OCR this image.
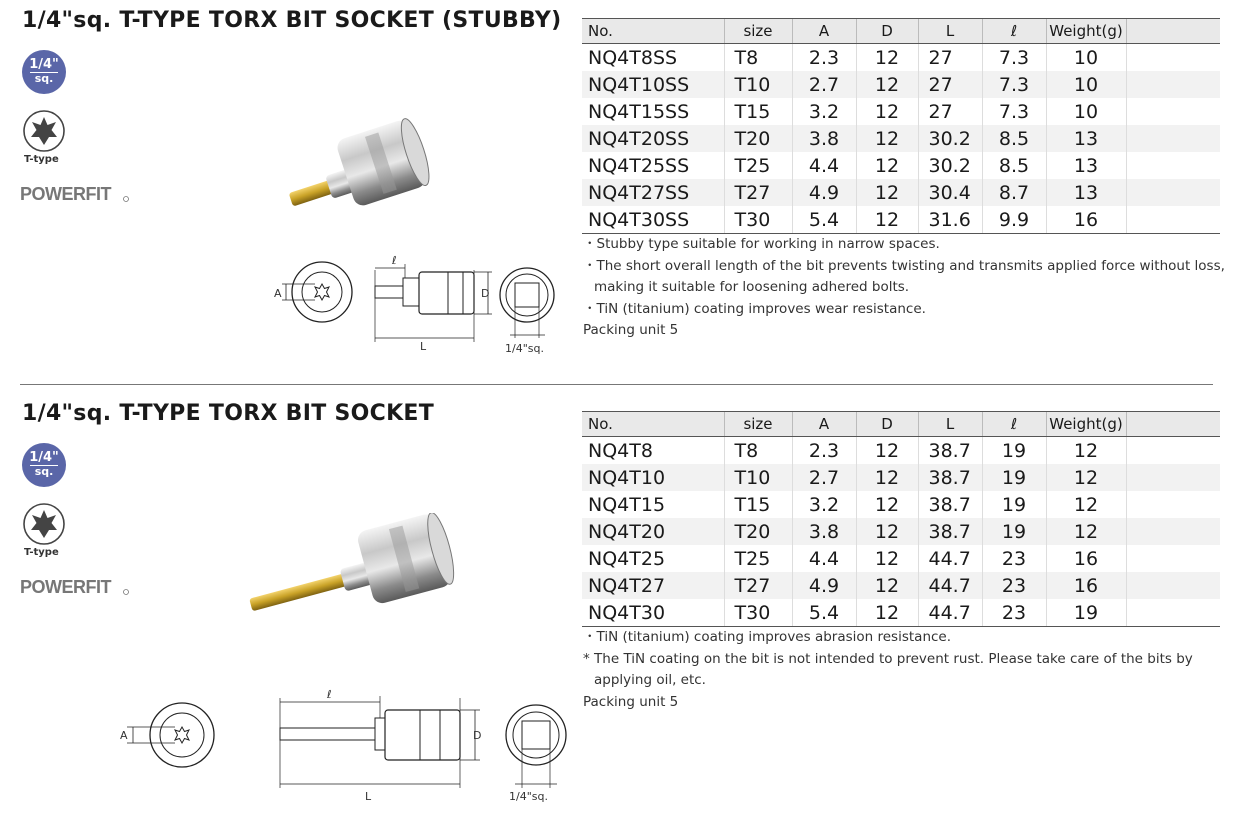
1/4"sq. T-TYPE TORX BIT SOCKET (STUBBY)
1/4"
sq.
T-type
POWERFIT
A
ℓ
L
D
1/4"sq.
No.	size	A	D	L	ℓ	Weight(g)	
NQ4T8SS	T8	2.3	12	27	7.3	10	
NQ4T10SS	T10	2.7	12	27	7.3	10	
NQ4T15SS	T15	3.2	12	27	7.3	10	
NQ4T20SS	T20	3.8	12	30.2	8.5	13	
NQ4T25SS	T25	4.4	12	30.2	8.5	13	
NQ4T27SS	T27	4.9	12	30.4	8.7	13	
NQ4T30SS	T30	5.4	12	31.6	9.9	16	
・Stubby type suitable for working in narrow spaces.
・The short overall length of the bit prevents twisting and transmits applied force without loss,
making it suitable for loosening adhered bolts.
・TiN (titanium) coating improves wear resistance.
Packing unit 5
1/4"sq. T-TYPE TORX BIT SOCKET
1/4"
sq.
T-type
POWERFIT
A
ℓ
L
D
1/4"sq.
No.	size	A	D	L	ℓ	Weight(g)	
NQ4T8	T8	2.3	12	38.7	19	12	
NQ4T10	T10	2.7	12	38.7	19	12	
NQ4T15	T15	3.2	12	38.7	19	12	
NQ4T20	T20	3.8	12	38.7	19	12	
NQ4T25	T25	4.4	12	44.7	23	16	
NQ4T27	T27	4.9	12	44.7	23	16	
NQ4T30	T30	5.4	12	44.7	23	19	
・TiN (titanium) coating improves abrasion resistance.
* The TiN coating on the bit is not intended to prevent rust. Please take care of the bits by
applying oil, etc.
Packing unit 5
